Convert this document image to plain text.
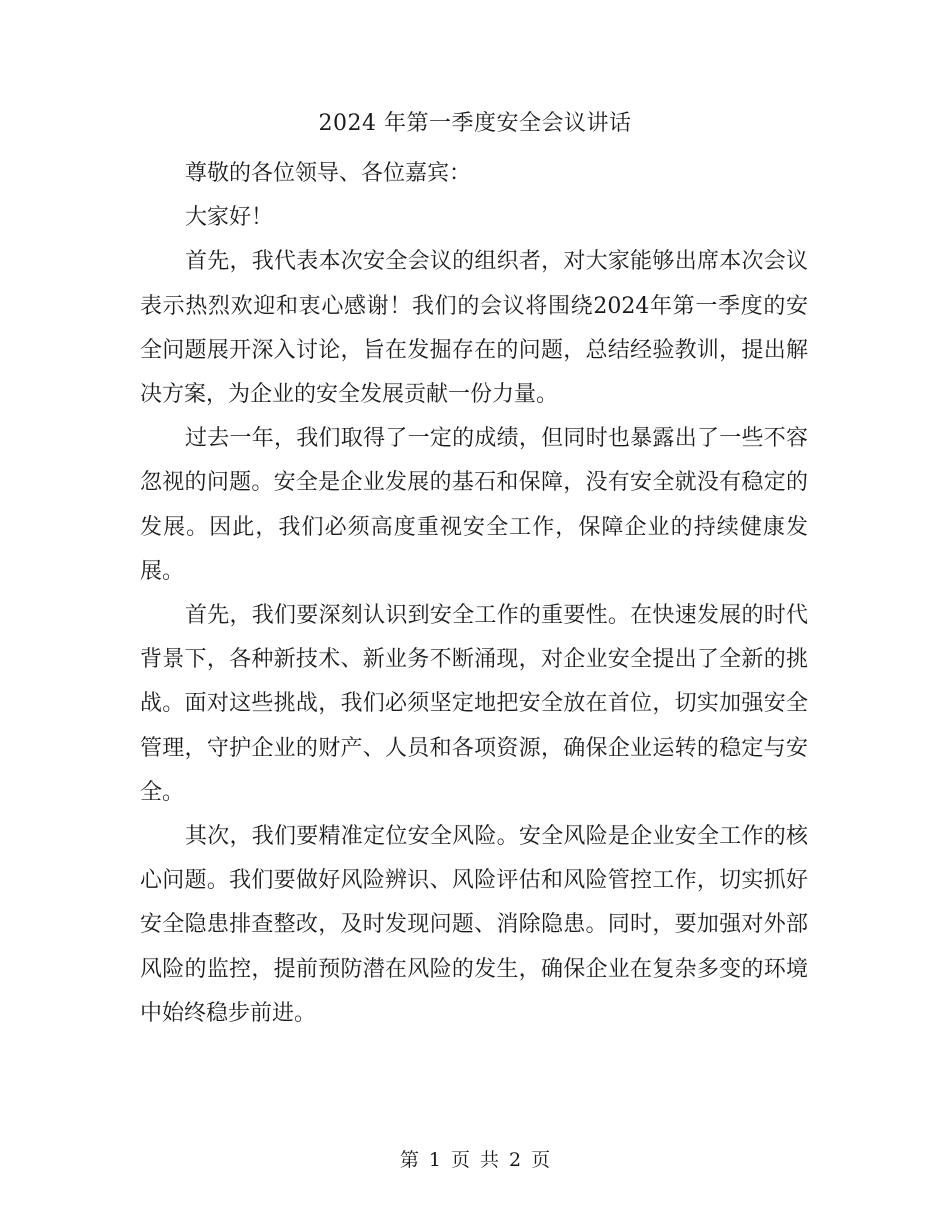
2024 年第一季度安全会议讲话

尊敬的各位领导、各位嘉宾：

大家好！

首先，我代表本次安全会议的组织者，对大家能够出席本次会议表示热烈欢迎和衷心感谢！我们的会议将围绕2024年第一季度的安全问题展开深入讨论，旨在发掘存在的问题，总结经验教训，提出解决方案，为企业的安全发展贡献一份力量。

过去一年，我们取得了一定的成绩，但同时也暴露出了一些不容忽视的问题。安全是企业发展的基石和保障，没有安全就没有稳定的发展。因此，我们必须高度重视安全工作，保障企业的持续健康发展。

首先，我们要深刻认识到安全工作的重要性。在快速发展的时代背景下，各种新技术、新业务不断涌现，对企业安全提出了全新的挑战。面对这些挑战，我们必须坚定地把安全放在首位，切实加强安全管理，守护企业的财产、人员和各项资源，确保企业运转的稳定与安全。

其次，我们要精准定位安全风险。安全风险是企业安全工作的核心问题。我们要做好风险辨识、风险评估和风险管控工作，切实抓好安全隐患排查整改，及时发现问题、消除隐患。同时，要加强对外部风险的监控，提前预防潜在风险的发生，确保企业在复杂多变的环境中始终稳步前进。

第 1 页 共 2 页
